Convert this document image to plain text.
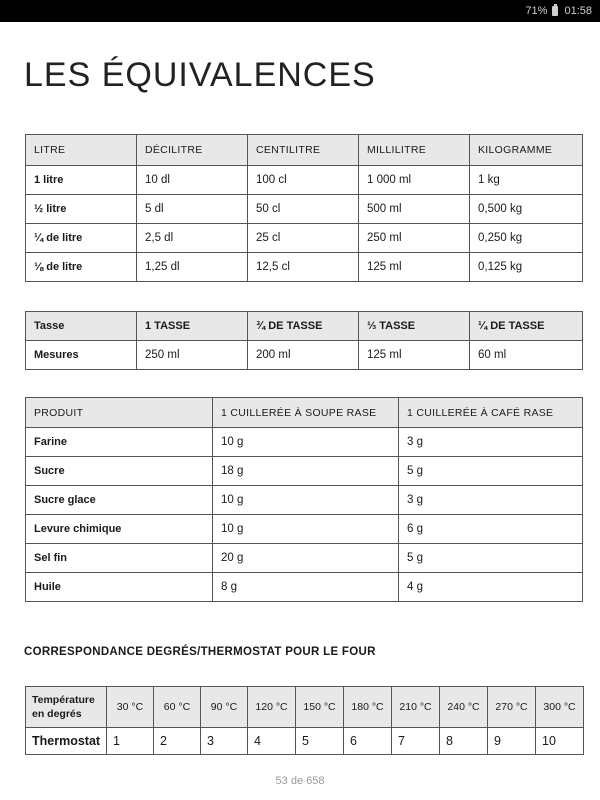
71% 01:58
LES ÉQUIVALENCES
LITRE	DÉCILITRE	CENTILITRE	MILLILITRE	KILOGRAMME
1 litre	10 dl	100 cl	1 000 ml	1 kg
½ litre	5 dl	50 cl	500 ml	0,500 kg
¼ de litre	2,5 dl	25 cl	250 ml	0,250 kg
⅛ de litre	1,25 dl	12,5 cl	125 ml	0,125 kg
Tasse	1 TASSE	¾ DE TASSE	⅓ TASSE	¼ DE TASSE
Mesures	250 ml	200 ml	125 ml	60 ml
PRODUIT	1 CUILLERÉE À SOUPE RASE	1 CUILLERÉE À CAFÉ RASE
Farine	10 g	3 g
Sucre	18 g	5 g
Sucre glace	10 g	3 g
Levure chimique	10 g	6 g
Sel fin	20 g	5 g
Huile	8 g	4 g
CORRESPONDANCE DEGRÉS/THERMOSTAT POUR LE FOUR
Température en degrés	30 °C	60 °C	90 °C	120 °C	150 °C	180 °C	210 °C	240 °C	270 °C	300 °C
Thermostat	1	2	3	4	5	6	7	8	9	10
53 de 658
